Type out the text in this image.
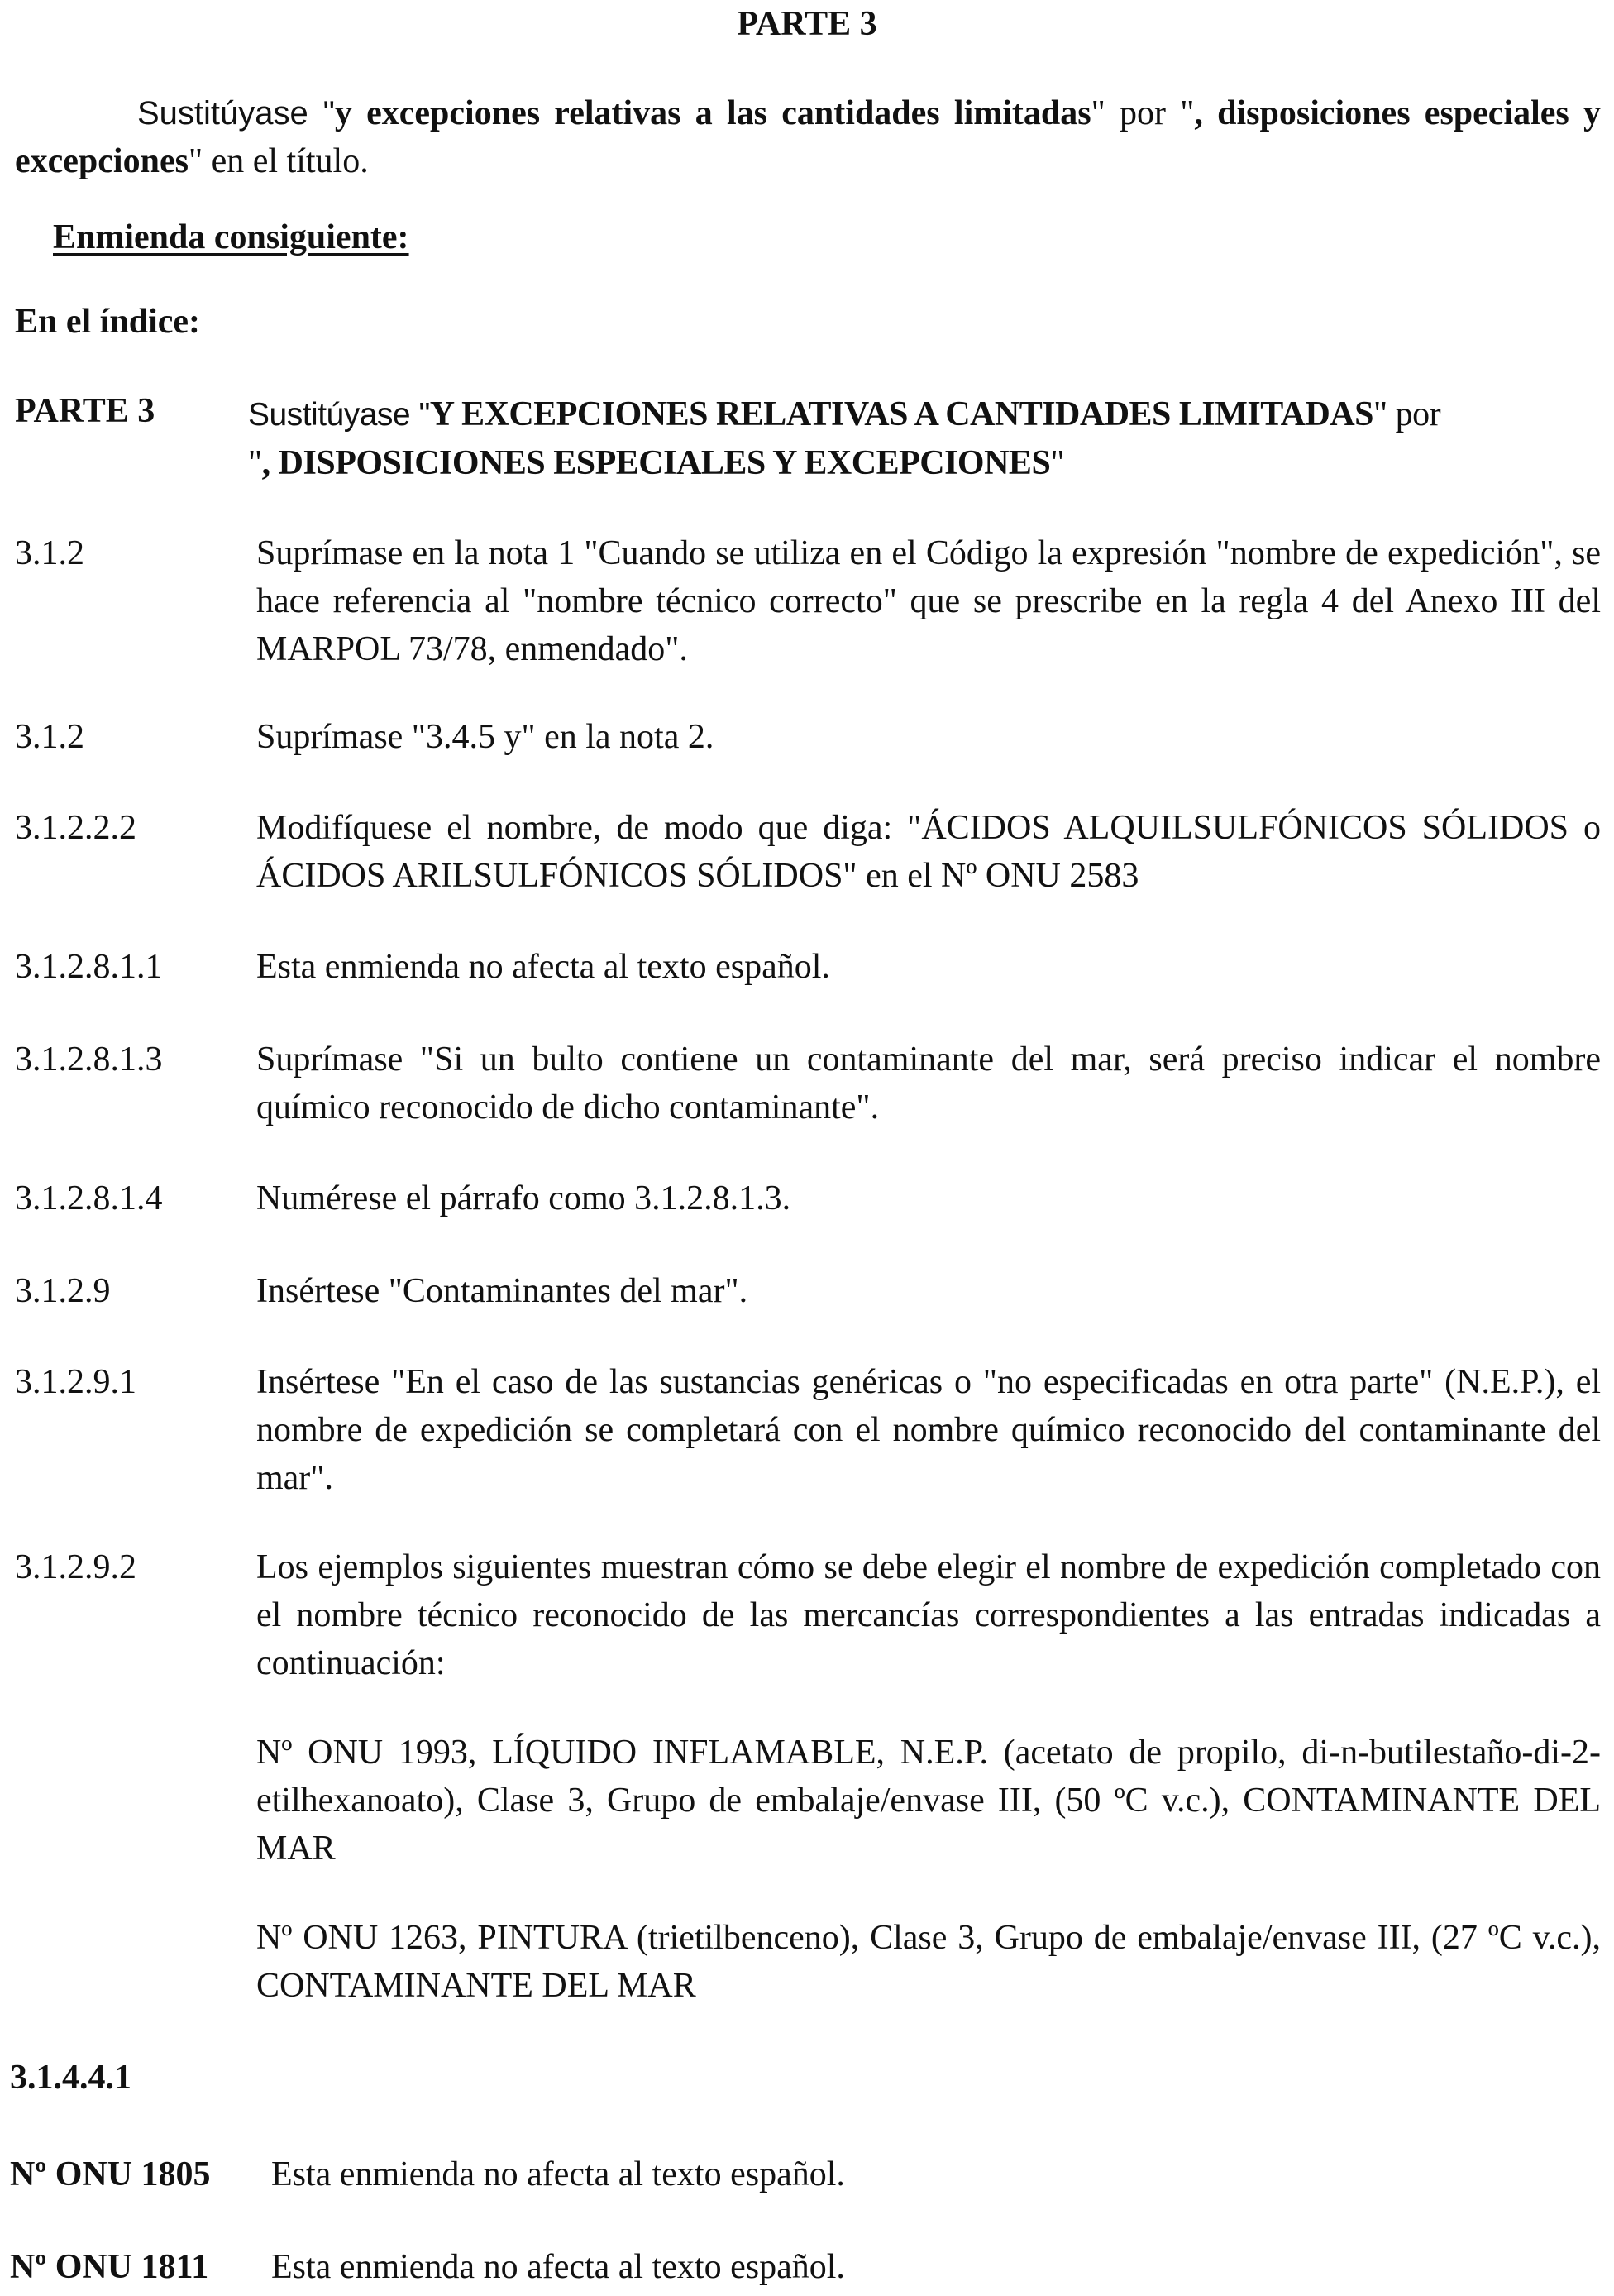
PARTE 3
Sustitúyase "y excepciones relativas a las cantidades limitadas" por ", disposiciones especiales y excepciones" en el título.
Enmienda consiguiente:
En el índice:
PARTE 3	Sustitúyase "Y EXCEPCIONES RELATIVAS A CANTIDADES LIMITADAS" por
", DISPOSICIONES ESPECIALES Y EXCEPCIONES"
3.1.2	Suprímase en la nota 1 "Cuando se utiliza en el Código la expresión "nombre de expedición", se hace referencia al "nombre técnico correcto" que se prescribe en la regla 4 del Anexo III del MARPOL 73/78, enmendado".
3.1.2	Suprímase "3.4.5 y" en la nota 2.
3.1.2.2.2	Modifíquese el nombre, de modo que diga: "ÁCIDOS ALQUILSULFÓNICOS SÓLIDOS o ÁCIDOS ARILSULFÓNICOS SÓLIDOS" en el Nº ONU 2583
3.1.2.8.1.1	Esta enmienda no afecta al texto español.
3.1.2.8.1.3	Suprímase "Si un bulto contiene un contaminante del mar, será preciso indicar el nombre químico reconocido de dicho contaminante".
3.1.2.8.1.4	Numérese el párrafo como 3.1.2.8.1.3.
3.1.2.9	Insértese "Contaminantes del mar".
3.1.2.9.1	Insértese "En el caso de las sustancias genéricas o "no especificadas en otra parte" (N.E.P.), el nombre de expedición se completará con el nombre químico reconocido del contaminante del mar".
3.1.2.9.2	Los ejemplos siguientes muestran cómo se debe elegir el nombre de expedición completado con el nombre técnico reconocido de las mercancías correspondientes a las entradas indicadas a continuación:
Nº ONU 1993, LÍQUIDO INFLAMABLE, N.E.P. (acetato de propilo, di-n-butilestaño-di-2-etilhexanoato), Clase 3, Grupo de embalaje/envase III, (50 ºC v.c.), CONTAMINANTE DEL MAR
Nº ONU 1263, PINTURA (trietilbenceno), Clase 3, Grupo de embalaje/envase III, (27 ºC v.c.), CONTAMINANTE DEL MAR
3.1.4.4.1
Nº ONU 1805 Esta enmienda no afecta al texto español.
Nº ONU 1811 Esta enmienda no afecta al texto español.
